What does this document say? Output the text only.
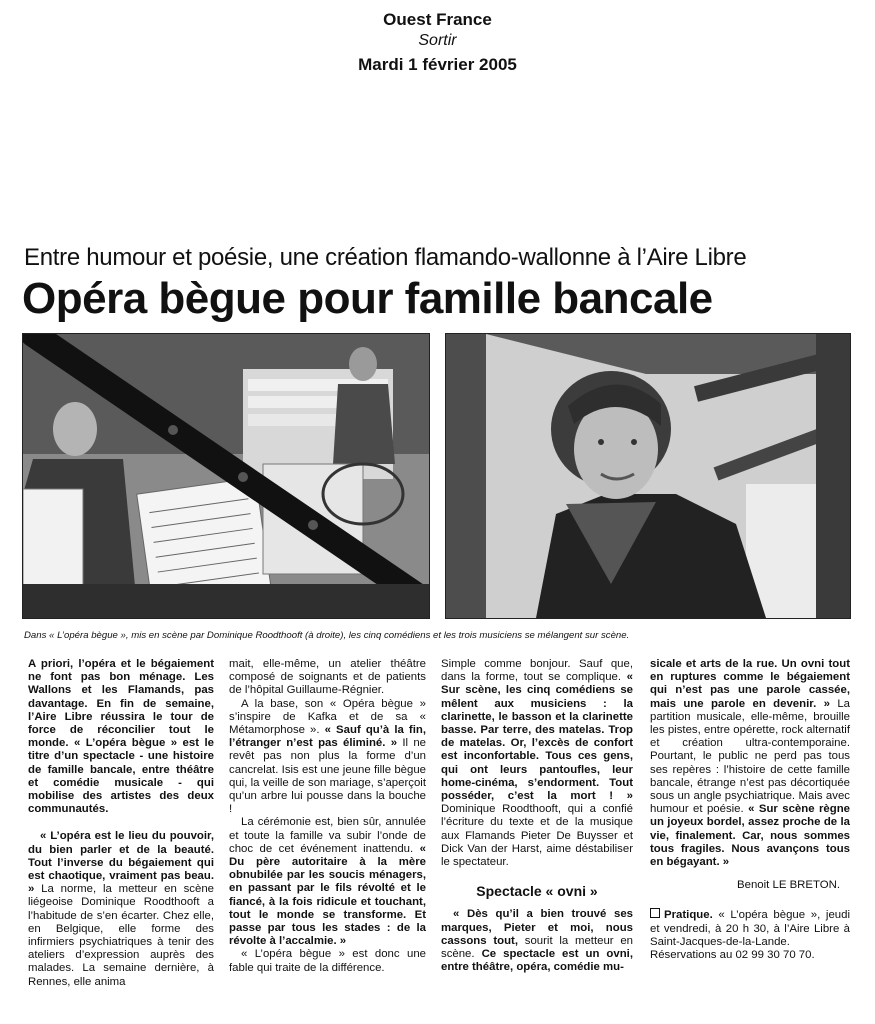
Ouest France
Sortir
Mardi 1 février 2005
Entre humour et poésie, une création flamando-wallonne à l’Aire Libre
Opéra bègue pour famille bancale
Dans « L’opéra bègue », mis en scène par Dominique Roodthooft (à droite), les cinq comédiens et les trois musiciens se mélangent sur scène.

A priori, l’opéra et le bégaiement ne font pas bon ménage. Les Wallons et les Flamands, pas davantage. En fin de semaine, l’Aire Libre réussira le tour de force de réconcilier tout le monde. « L’opéra bègue » est le titre d’un spectacle - une histoire de famille bancale, entre théâtre et comédie musicale - qui mobilise des artistes des deux communautés.

« L’opéra est le lieu du pouvoir, du bien parler et de la beauté. Tout l’inverse du bégaiement qui est chaotique, vraiment pas beau. » La norme, la metteur en scène liégeoise Dominique Roodthooft a l’habitude de s’en écarter. Chez elle, en Belgique, elle forme des infirmiers psychiatriques à tenir des ateliers d’expression auprès des malades. La semaine dernière, à Rennes, elle anima

mait, elle-même, un atelier théâtre composé de soignants et de patients de l’hôpital Guillaume-Régnier.

A la base, son « Opéra bègue » s’inspire de Kafka et de sa « Métamorphose ». « Sauf qu’à la fin, l’étranger n’est pas éliminé. » Il ne revêt pas non plus la forme d’un cancrelat. Isis est une jeune fille bègue qui, la veille de son mariage, s’aperçoit qu’un arbre lui pousse dans la bouche !

La cérémonie est, bien sûr, annulée et toute la famille va subir l’onde de choc de cet événement inattendu. « Du père autoritaire à la mère obnubilée par les soucis ménagers, en passant par le fils révolté et le fiancé, à la fois ridicule et touchant, tout le monde se transforme. Et passe par tous les stades : de la révolte à l’accalmie. »

« L’opéra bègue » est donc une fable qui traite de la différence.

Simple comme bonjour. Sauf que, dans la forme, tout se complique. « Sur scène, les cinq comédiens se mêlent aux musiciens : la clarinette, le basson et la clarinette basse. Par terre, des matelas. Trop de matelas. Or, l’excès de confort est inconfortable. Tous ces gens, qui ont leurs pantoufles, leur home-cinéma, s’endorment. Tout posséder, c’est la mort ! » Dominique Roodthooft, qui a confié l’écriture du texte et de la musique aux Flamands Pieter De Buysser et Dick Van der Harst, aime déstabiliser le spectateur.

Spectacle « ovni »

« Dès qu’il a bien trouvé ses marques, Pieter et moi, nous cassons tout, sourit la metteur en scène. Ce spectacle est un ovni, entre théâtre, opéra, comédie mu-

sicale et arts de la rue. Un ovni tout en ruptures comme le bégaiement qui n’est pas une parole cassée, mais une parole en devenir. » La partition musicale, elle-même, brouille les pistes, entre opérette, rock alternatif et création ultra-contemporaine. Pourtant, le public ne perd pas tous ses repères : l’histoire de cette famille bancale, étrange n’est pas décortiquée sous un angle psychiatrique. Mais avec humour et poésie. « Sur scène règne un joyeux bordel, assez proche de la vie, finalement. Car, nous sommes tous fragiles. Nous avançons tous en bégayant. »

Benoit LE BRETON.

Pratique. « L’opéra bègue », jeudi et vendredi, à 20 h 30, à l’Aire Libre à Saint-Jacques-de-la-Lande. Réservations au 02 99 30 70 70.
